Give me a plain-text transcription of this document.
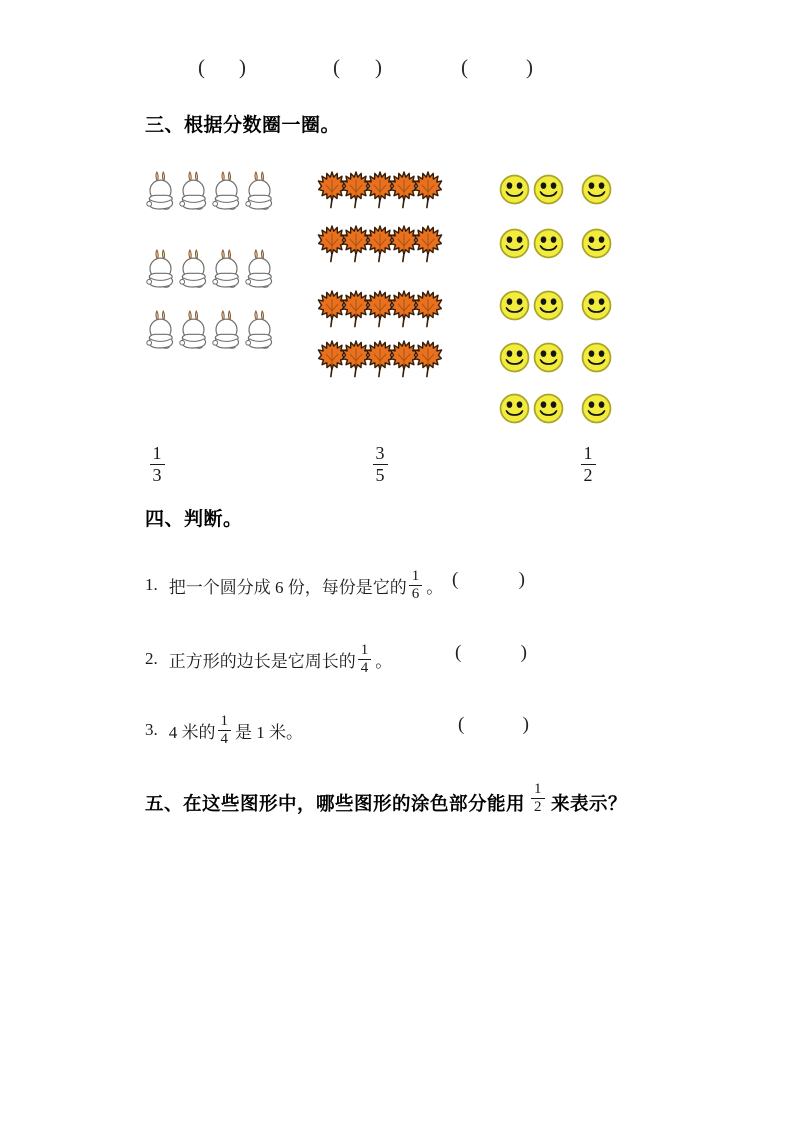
( )	( )	(	)
三、根据分数圈一圈。
$\frac{1}{3}$	$\frac{3}{5}$	$\frac{1}{2}$
四、判断。
1. 把一个圆分成 6 份，每份是它的 $\frac{1}{6}$ 。 (	)
2. 正方形的边长是它周长的 $\frac{1}{4}$ 。	(	)
3. 4 米的 $\frac{1}{4}$ 是 1 米。	(	)
五、在这些图形中，哪些图形的涂色部分能用 $\frac{1}{2}$ 来表示？
